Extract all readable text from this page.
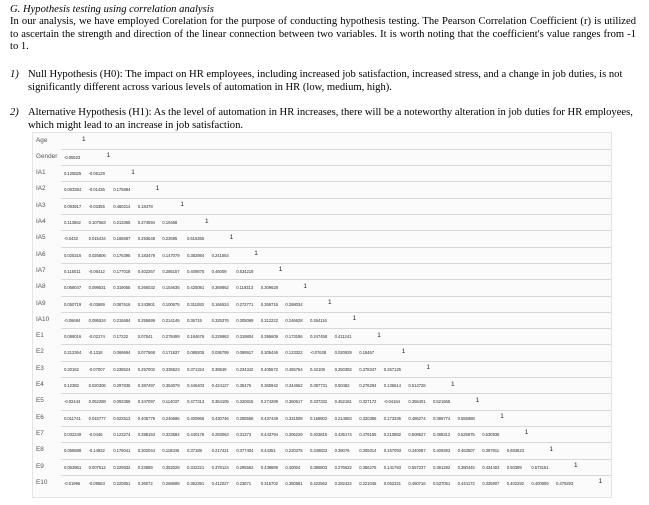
G. Hypothesis testing using correlation analysis
In our analysis, we have employed Corelation for the purpose of conducting hypothesis testing. The Pearson Correlation Coefficient (r) is utilized to ascertain the strength and direction of the linear connection between two variables. It is worth noting that the coefficient's value ranges from -1 to 1.
1) Null Hypothesis (H0): The impact on HR employees, including increased job satisfaction, increased stress, and a change in job duties, is not significantly different across various levels of automation in HR (low, medium, high).
2) Alternative Hypothesis (H1): As the level of automation in HR increases, there will be a noteworthy alteration in job duties for HR employees, which might lead to an increase in job satisfaction.
Age	1
Gender -0.05523	1
IA1	0.125825 -0.05129	1
IA2	0.063384 -0.01436 0.175884	1
IA3	0.093917 -0.03355 0.460214 0.18478	1
IA4	0.113562 0.107663 0.213365 0.374594 0.16468	1
IA5	-0.0432 0.015434 0.165687 0.293648 0.22695 0.515355	1
IA6	0.025316 0.025806 0.176395 0.183479 0.147079 0.382984 0.241554	1
IA7	0.115011 -0.06412 0.177018 0.402267 0.285157 0.409875 0.46009 0.534219	1
IA8	0.068047 0.099531 0.319055 0.266032 0.154635 0.425081 0.369862 0.119313 0.309628	1
IA9	0.050719 -0.03689 0.087616 0.243901 0.100675 0.311083 0.166524 0.272771 0.359715 0.268034	1
IA10	-0.06694 0.095534 0.215684 0.255699 0.214146 0.36715 0.325376 0.305069 0.312222 0.246628 0.264116	1
E1	0.089016 -0.02174 0.17222 0.07541 0.278499 0.184676 0.229963 0.319804 0.395609 0.173186 0.247458 0.411241	1
E2	0.212364 -0.1318 0.069694 0.077568 0.171837 0.089205 0.036799 0.099917 0.305446 0.123322 -0.07628 0.020929 0.18467	1
E3	0.20162 -0.07007 0.238524 0.257002 0.335523 0.371324 0.38849 0.234342 0.405572 0.455764 0.42108 0.250392 0.378347 0.257125	1
E4	0.12382 0.020306 0.297835 0.387497 0.354079 0.446403 0.424127 0.35476 0.365942 0.344662 0.387731 0.50482 0.276294 0.136614 0.514728	1
E5	-0.02444 0.052288 0.093356 0.347097 0.114037 0.477313 0.354105 0.320815 0.274289 0.360617 0.337332 0.452181 0.327172 -0.04164 0.356401 0.521665	1
E6	0.011741 0.015777 0.022513 0.405779 0.246696 0.400966 0.430746 0.288568 0.437449 0.331508 0.158802 0.214683 0.320386 0.173336 0.486274 0.396774 0.555988	1
E7	0.032249 -0.0446 0.123274 0.398153 0.323584 0.440178 0.293063 0.31373 0.443794 0.306229 0.403815 0.435174 0.479155 0.210882 0.508527 0.495312 0.525975 0.530935	1
E8	0.058588 -0.14932 0.176041 0.302044 0.118346 0.37189 0.217421 0.377404 0.44351 0.220375 0.348833 0.39076 0.309314 0.157093 0.440087 0.409393 0.463507 0.397811 0.683623	1
E9	0.063961 0.007512 0.229832 0.23889 0.352028 0.342221 0.378124 0.295562 0.438889 0.40004 0.395803 0.276622 0.356275 0.141793 0.557237 0.391282 0.380445 0.434403 0.50399 0.573151	1
E10	-0.01996 -0.09583 0.220851 0.36072 0.268698 0.362391 0.412027 0.23871 0.315702 0.350581 0.422562 0.282422 0.221045 0.052321 0.460716 0.537051 0.444172 0.335907 0.402292 0.400909 0.479293	1
